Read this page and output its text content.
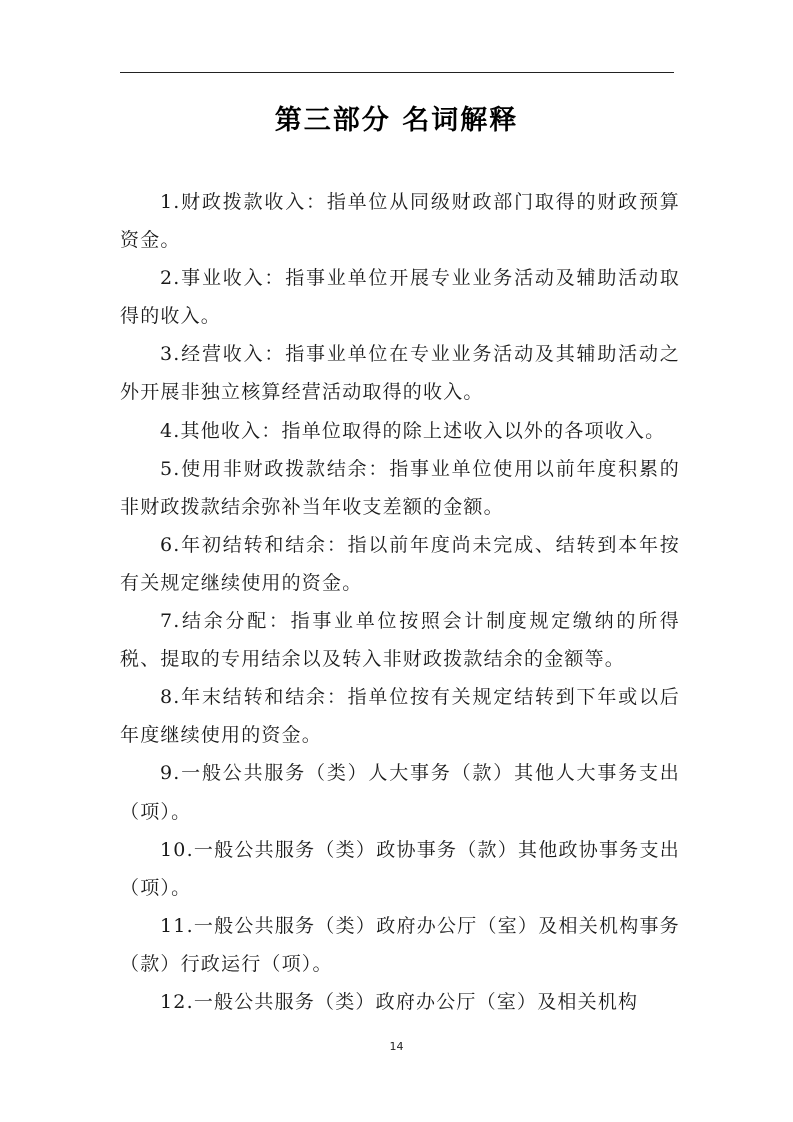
第三部分 名词解释

1.财政拨款收入：指单位从同级财政部门取得的财政预算资金。

2.事业收入：指事业单位开展专业业务活动及辅助活动取得的收入。

3.经营收入：指事业单位在专业业务活动及其辅助活动之外开展非独立核算经营活动取得的收入。

4.其他收入：指单位取得的除上述收入以外的各项收入。

5.使用非财政拨款结余：指事业单位使用以前年度积累的非财政拨款结余弥补当年收支差额的金额。

6.年初结转和结余：指以前年度尚未完成、结转到本年按有关规定继续使用的资金。

7.结余分配：指事业单位按照会计制度规定缴纳的所得税、提取的专用结余以及转入非财政拨款结余的金额等。

8.年末结转和结余：指单位按有关规定结转到下年或以后年度继续使用的资金。

9.一般公共服务（类）人大事务（款）其他人大事务支出（项）。

10.一般公共服务（类）政协事务（款）其他政协事务支出（项）。

11.一般公共服务（类）政府办公厅（室）及相关机构事务（款）行政运行（项）。

12.一般公共服务（类）政府办公厅（室）及相关机构

14
